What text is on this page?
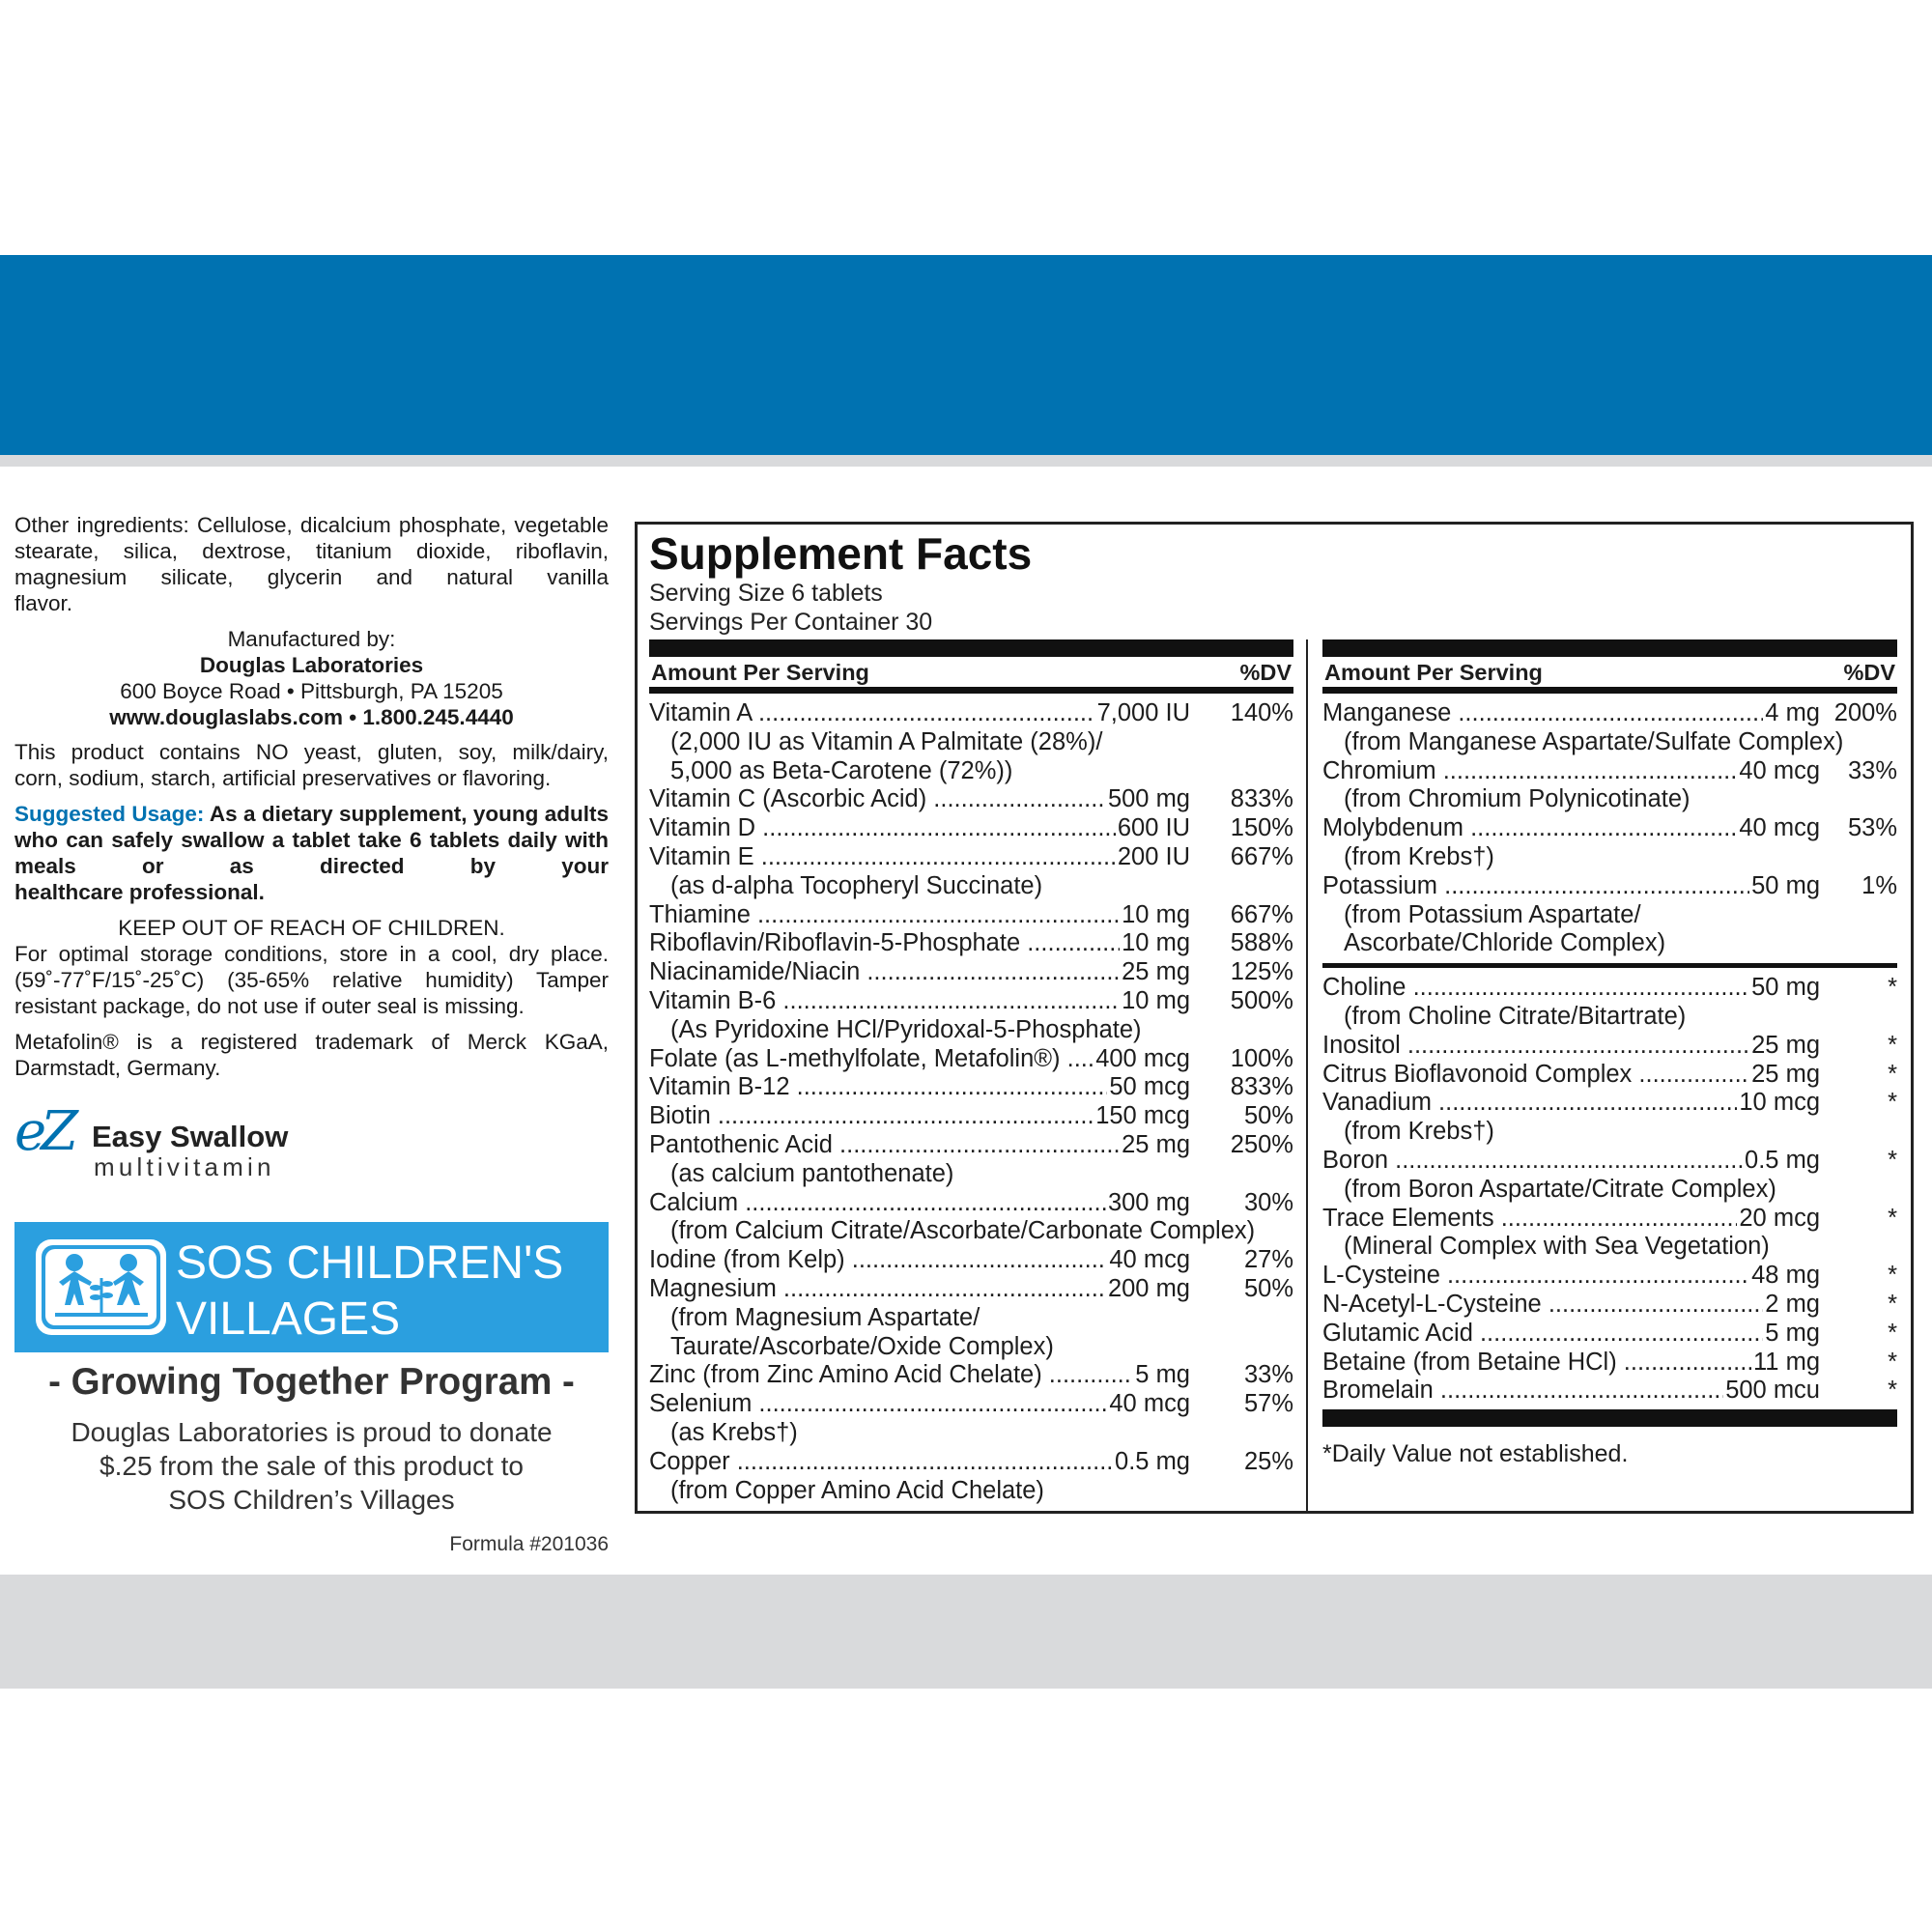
Other ingredients: Cellulose, dicalcium phosphate, vegetable stearate, silica, dextrose, titanium dioxide, riboflavin, magnesium silicate, glycerin and natural vanilla

flavor.

Manufactured by:

Douglas Laboratories

600 Boyce Road • Pittsburgh, PA 15205

www.douglaslabs.com • 1.800.245.4440

This product contains NO yeast, gluten, soy, milk/dairy,

corn, sodium, starch, artificial preservatives or flavoring.

Suggested Usage: As a dietary supplement, young adults who can safely swallow a tablet take 6 tablets daily with meals or as directed by your

healthcare professional.

KEEP OUT OF REACH OF CHILDREN.

For optimal storage conditions, store in a cool, dry place. (59˚-77˚F/15˚-25˚C) (35-65% relative humidity) Tamper

resistant package, do not use if outer seal is missing.

Metafolin® is a registered trademark of Merck KGaA,

Darmstadt, Germany.

eZ Easy Swallow
multivitamin
SOS CHILDREN'S
VILLAGES
- Growing Together Program -
Douglas Laboratories is proud to donate
$.25 from the sale of this product to
SOS Children’s Villages
Formula #201036
Supplement Facts
Serving Size 6 tablets
Servings Per Container 30
Amount Per Serving	%DV
Vitamin A .....	7,000 IU	140%
(2,000 IU as Vitamin A Palmitate (28%)/
5,000 as Beta-Carotene (72%))
Vitamin C (Ascorbic Acid) .....	500 mg	833%
Vitamin D .....	600 IU	150%
Vitamin E .....	200 IU	667%
(as d-alpha Tocopheryl Succinate)
Thiamine .....	10 mg	667%
Riboflavin/Riboflavin-5-Phosphate .....	10 mg	588%
Niacinamide/Niacin .....	25 mg	125%
Vitamin B-6 .....	10 mg	500%
(As Pyridoxine HCl/Pyridoxal-5-Phosphate)
Folate (as L-methylfolate, Metafolin®) .....	400 mcg	100%
Vitamin B-12 .....	50 mcg	833%
Biotin .....	150 mcg	50%
Pantothenic Acid .....	25 mg	250%
(as calcium pantothenate)
Calcium .....	300 mg	30%
(from Calcium Citrate/Ascorbate/Carbonate Complex)
Iodine (from Kelp) .....	40 mcg	27%
Magnesium .....	200 mg	50%
(from Magnesium Aspartate/
Taurate/Ascorbate/Oxide Complex)
Zinc (from Zinc Amino Acid Chelate) .....	5 mg	33%
Selenium .....	40 mcg	57%
(as Krebs†)
Copper .....	0.5 mg	25%
(from Copper Amino Acid Chelate)
Amount Per Serving	%DV
Manganese .....	4 mg 200%
(from Manganese Aspartate/Sulfate Complex)
Chromium .....	40 mcg	33%
(from Chromium Polynicotinate)
Molybdenum .....	40 mcg	53%
(from Krebs†)
Potassium .....	50 mg	1%
(from Potassium Aspartate/
Ascorbate/Chloride Complex)
Choline .....	50 mg	*
(from Choline Citrate/Bitartrate)
Inositol .....	25 mg	*
Citrus Bioflavonoid Complex .....	25 mg	*
Vanadium .....	10 mcg	*
(from Krebs†)
Boron .....	0.5 mg	*
(from Boron Aspartate/Citrate Complex)
Trace Elements .....	20 mcg	*
(Mineral Complex with Sea Vegetation)
L-Cysteine .....	48 mg	*
N-Acetyl-L-Cysteine .....	2 mg	*
Glutamic Acid .....	5 mg	*
Betaine (from Betaine HCl) .....	11 mg	*
Bromelain .....	500 mcu	*
*Daily Value not established.
